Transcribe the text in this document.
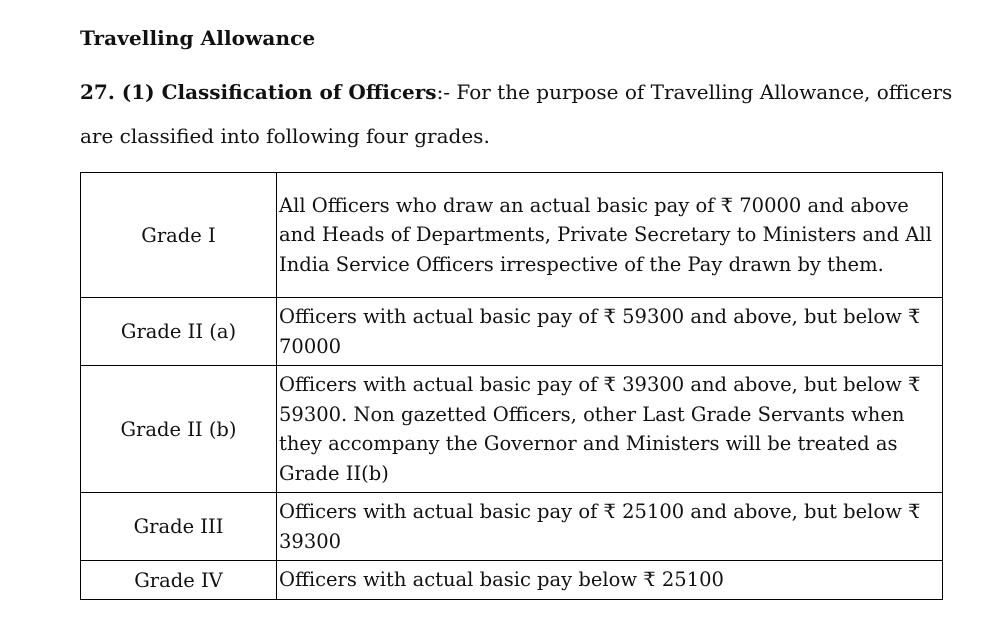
Travelling Allowance
27. (1) Classification of Officers:- For the purpose of Travelling Allowance, officers are classified into following four grades.
Grade I	All Officers who draw an actual basic pay of ₹ 70000 and above and Heads of Departments, Private Secretary to Ministers and All India Service Officers irrespective of the Pay drawn by them.
Grade II (a)	Officers with actual basic pay of ₹ 59300 and above, but below ₹ 70000
Grade II (b)	Officers with actual basic pay of ₹ 39300 and above, but below ₹ 59300. Non gazetted Officers, other Last Grade Servants when they accompany the Governor and Ministers will be treated as Grade II(b)
Grade III	Officers with actual basic pay of ₹ 25100 and above, but below ₹ 39300
Grade IV	Officers with actual basic pay below ₹ 25100
